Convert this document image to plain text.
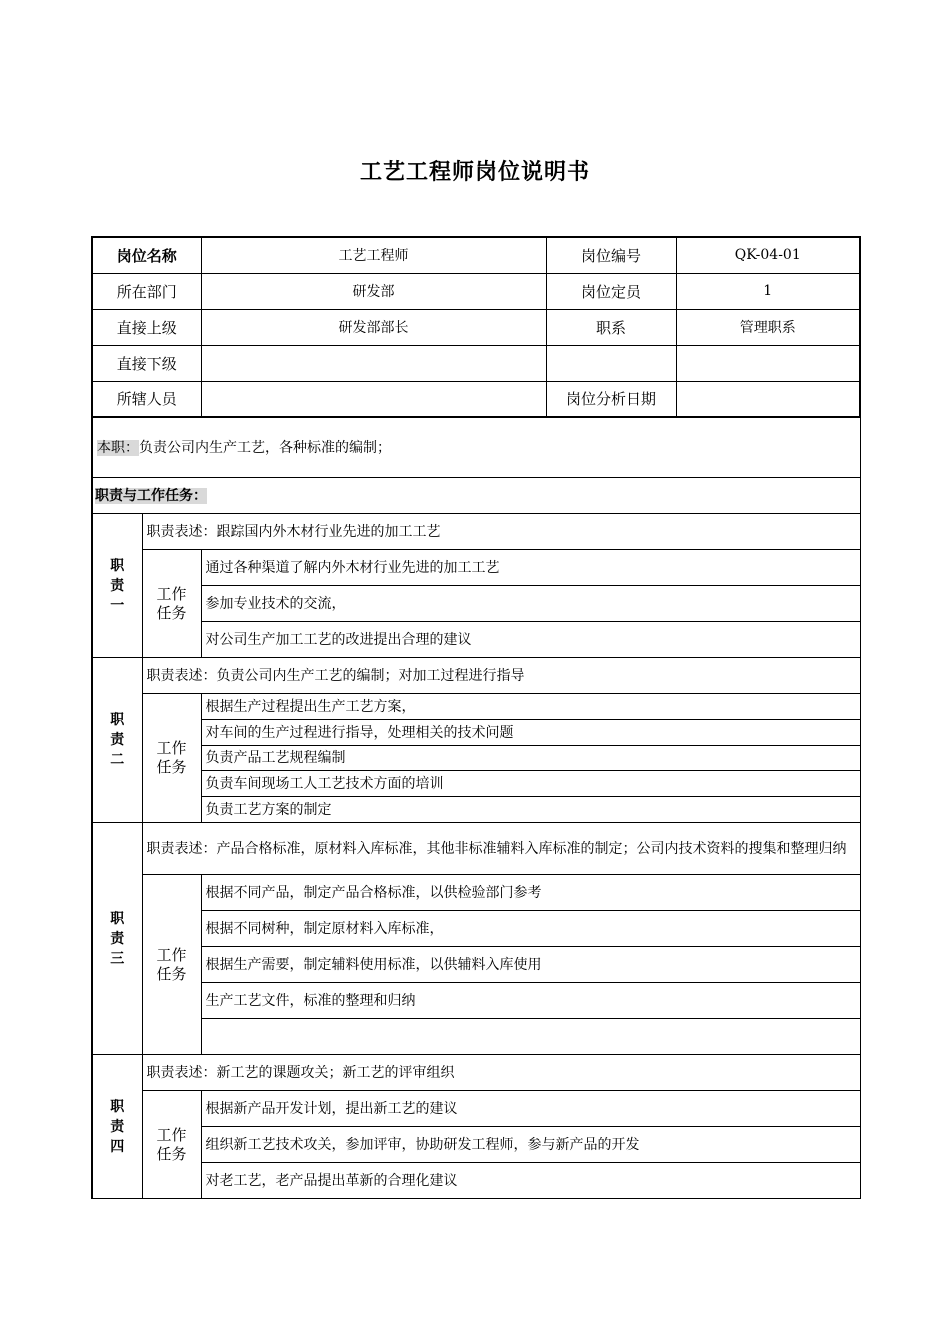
工艺工程师岗位说明书
岗位名称	工艺工程师	岗位编号	QK-04-01
所在部门	研发部	岗位定员	1
直接上级	研发部部长	职系	管理职系
直接下级			
所辖人员		岗位分析日期	
本职：负责公司内生产工艺，各种标准的编制；		
职责与工作任务：		

职责一	职责表述：跟踪国内外木材行业先进的加工工艺	
	工作任务	通过各种渠道了解内外木材行业先进的加工工艺
		参加专业技术的交流，
		对公司生产加工工艺的改进提出合理的建议

职责二	职责表述：负责公司内生产工艺的编制；对加工过程进行指导	
	工作任务	根据生产过程提出生产工艺方案，
		对车间的生产过程进行指导，处理相关的技术问题
		负责产品工艺规程编制
		负责车间现场工人工艺技术方面的培训
		负责工艺方案的制定

职责三	职责表述：产品合格标准，原材料入库标准，其他非标准辅料入库标准的制定；公司内技术资料的搜集和整理归纳	
	工作任务	根据不同产品，制定产品合格标准，以供检验部门参考
		根据不同树种，制定原材料入库标准，
		根据生产需要，制定辅料使用标准，以供辅料入库使用
		生产工艺文件，标准的整理和归纳

职责四	职责表述：新工艺的课题攻关；新工艺的评审组织	
	工作任务	根据新产品开发计划，提出新工艺的建议
		组织新工艺技术攻关，参加评审，协助研发工程师，参与新产品的开发
		对老工艺，老产品提出革新的合理化建议
